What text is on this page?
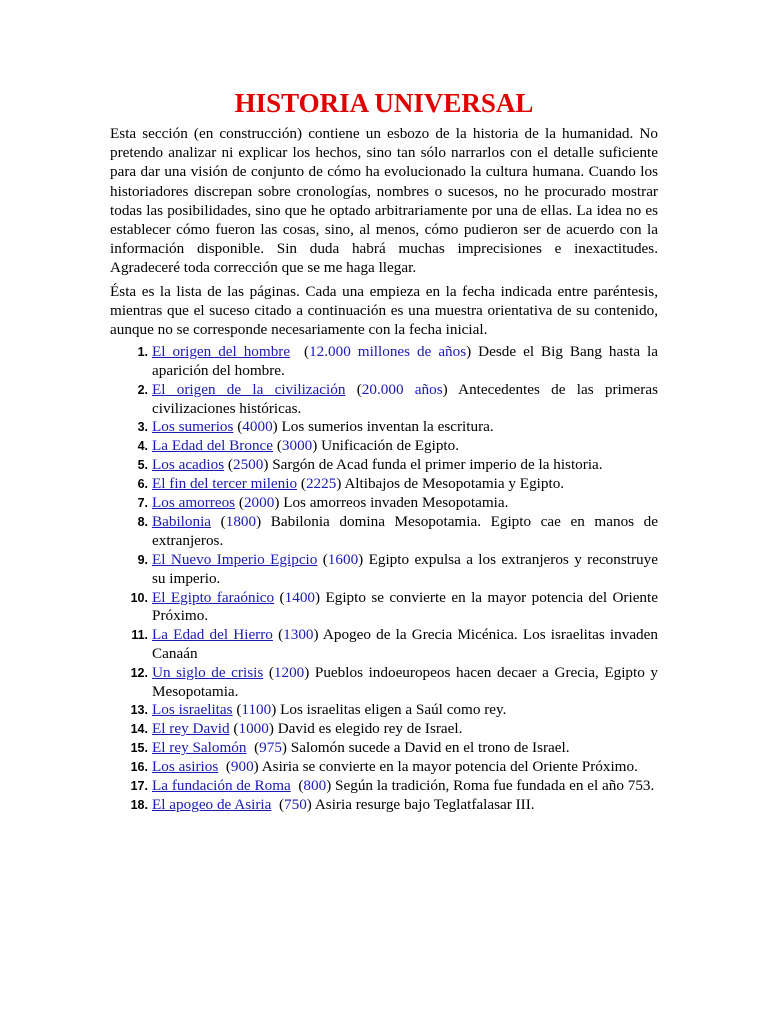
HISTORIA UNIVERSAL

Esta sección (en construcción) contiene un esbozo de la historia de la humanidad. No pretendo analizar ni explicar los hechos, sino tan sólo narrarlos con el detalle suficiente para dar una visión de conjunto de cómo ha evolucionado la cultura humana. Cuando los historiadores discrepan sobre cronologías, nombres o sucesos, no he procurado mostrar todas las posibilidades, sino que he optado arbitrariamente por una de ellas. La idea no es establecer cómo fueron las cosas, sino, al menos, cómo pudieron ser de acuerdo con la información disponible. Sin duda habrá muchas imprecisiones e inexactitudes. Agradeceré toda corrección que se me haga llegar.

Ésta es la lista de las páginas. Cada una empieza en la fecha indicada entre paréntesis, mientras que el suceso citado a continuación es una muestra orientativa de su contenido, aunque no se corresponde necesariamente con la fecha inicial.

1. El origen del hombre  (12.000 millones de años) Desde el Big Bang hasta la aparición del hombre.
2. El origen de la civilización (20.000 años) Antecedentes de las primeras civilizaciones históricas.
3. Los sumerios (4000) Los sumerios inventan la escritura.
4. La Edad del Bronce (3000) Unificación de Egipto.
5. Los acadios (2500) Sargón de Acad funda el primer imperio de la historia.
6. El fin del tercer milenio (2225) Altibajos de Mesopotamia y Egipto.
7. Los amorreos (2000) Los amorreos invaden Mesopotamia.
8. Babilonia (1800) Babilonia domina Mesopotamia. Egipto cae en manos de extranjeros.
9. El Nuevo Imperio Egipcio (1600) Egipto expulsa a los extranjeros y reconstruye su imperio.
10. El Egipto faraónico (1400) Egipto se convierte en la mayor potencia del Oriente Próximo.
11. La Edad del Hierro (1300) Apogeo de la Grecia Micénica. Los israelitas invaden Canaán
12. Un siglo de crisis (1200) Pueblos indoeuropeos hacen decaer a Grecia, Egipto y Mesopotamia.
13. Los israelitas (1100) Los israelitas eligen a Saúl como rey.
14. El rey David (1000) David es elegido rey de Israel.
15. El rey Salomón  (975) Salomón sucede a David en el trono de Israel.
16. Los asirios  (900) Asiria se convierte en la mayor potencia del Oriente Próximo.
17. La fundación de Roma  (800) Según la tradición, Roma fue fundada en el año 753.
18. El apogeo de Asiria  (750) Asiria resurge bajo Teglatfalasar III.
